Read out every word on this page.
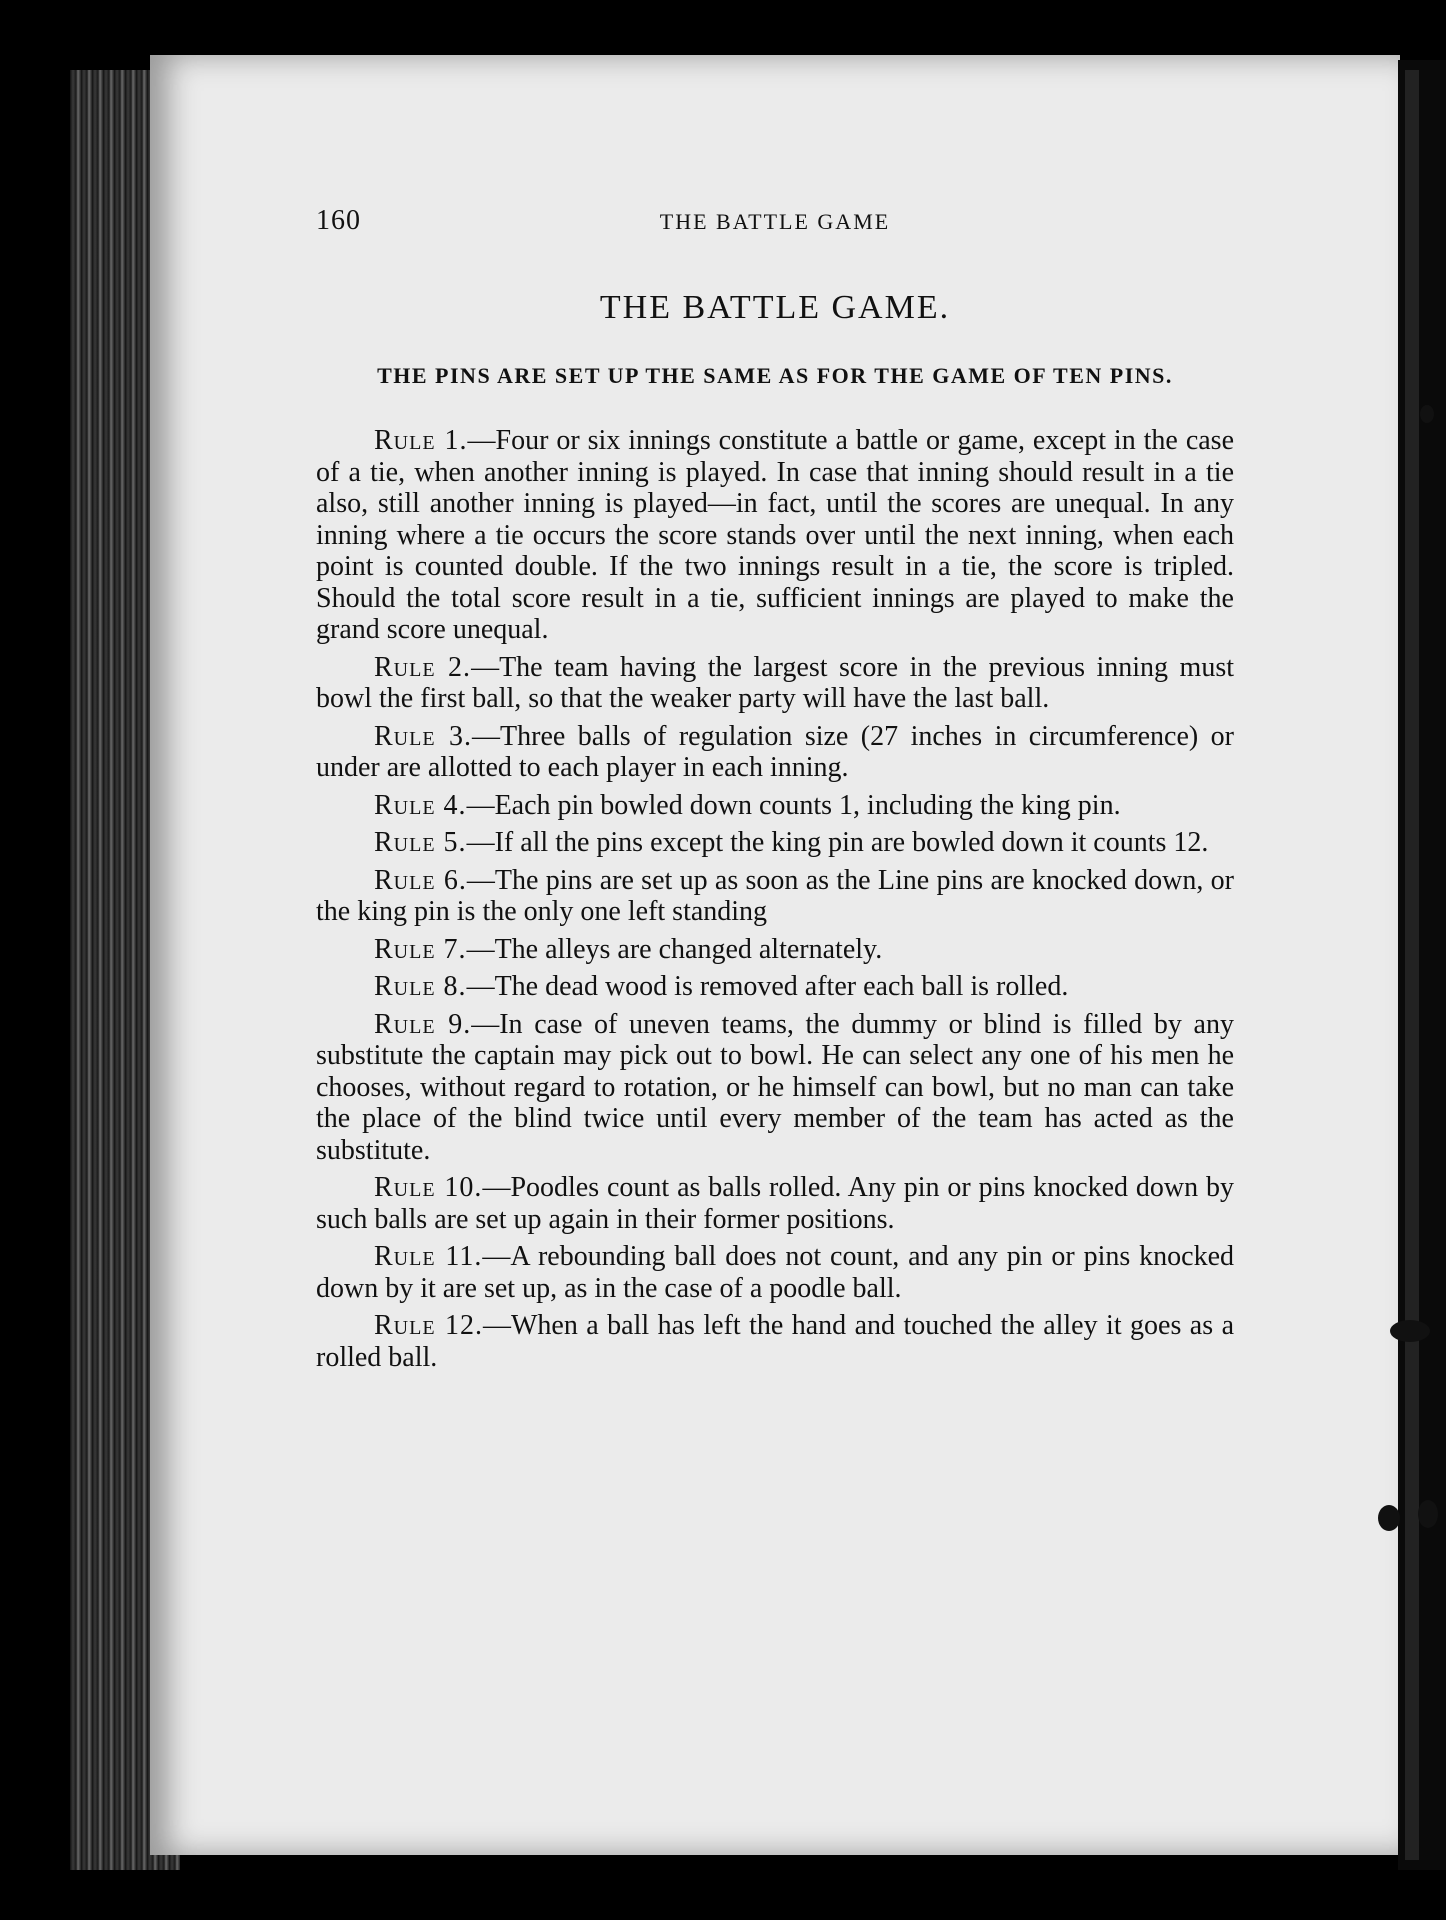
160	THE BATTLE GAME
THE BATTLE GAME.
THE PINS ARE SET UP THE SAME AS FOR THE GAME OF TEN PINS.

Rule 1.—Four or six innings constitute a battle or game, except in the case of a tie, when another inning is played. In case that inning should result in a tie also, still another inning is played—in fact, until the scores are unequal. In any inning where a tie occurs the score stands over until the next inning, when each point is counted double. If the two innings result in a tie, the score is tripled. Should the total score result in a tie, sufficient innings are played to make the grand score unequal.

Rule 2.—The team having the largest score in the previous inning must bowl the first ball, so that the weaker party will have the last ball.

Rule 3.—Three balls of regulation size (27 inches in circumference) or under are allotted to each player in each inning.

Rule 4.—Each pin bowled down counts 1, including the king pin.

Rule 5.—If all the pins except the king pin are bowled down it counts 12.

Rule 6.—The pins are set up as soon as the Line pins are knocked down, or the king pin is the only one left standing

Rule 7.—The alleys are changed alternately.

Rule 8.—The dead wood is removed after each ball is rolled.

Rule 9.—In case of uneven teams, the dummy or blind is filled by any substitute the captain may pick out to bowl. He can select any one of his men he chooses, without regard to rotation, or he himself can bowl, but no man can take the place of the blind twice until every member of the team has acted as the substitute.

Rule 10.—Poodles count as balls rolled. Any pin or pins knocked down by such balls are set up again in their former positions.

Rule 11.—A rebounding ball does not count, and any pin or pins knocked down by it are set up, as in the case of a poodle ball.

Rule 12.—When a ball has left the hand and touched the alley it goes as a rolled ball.
